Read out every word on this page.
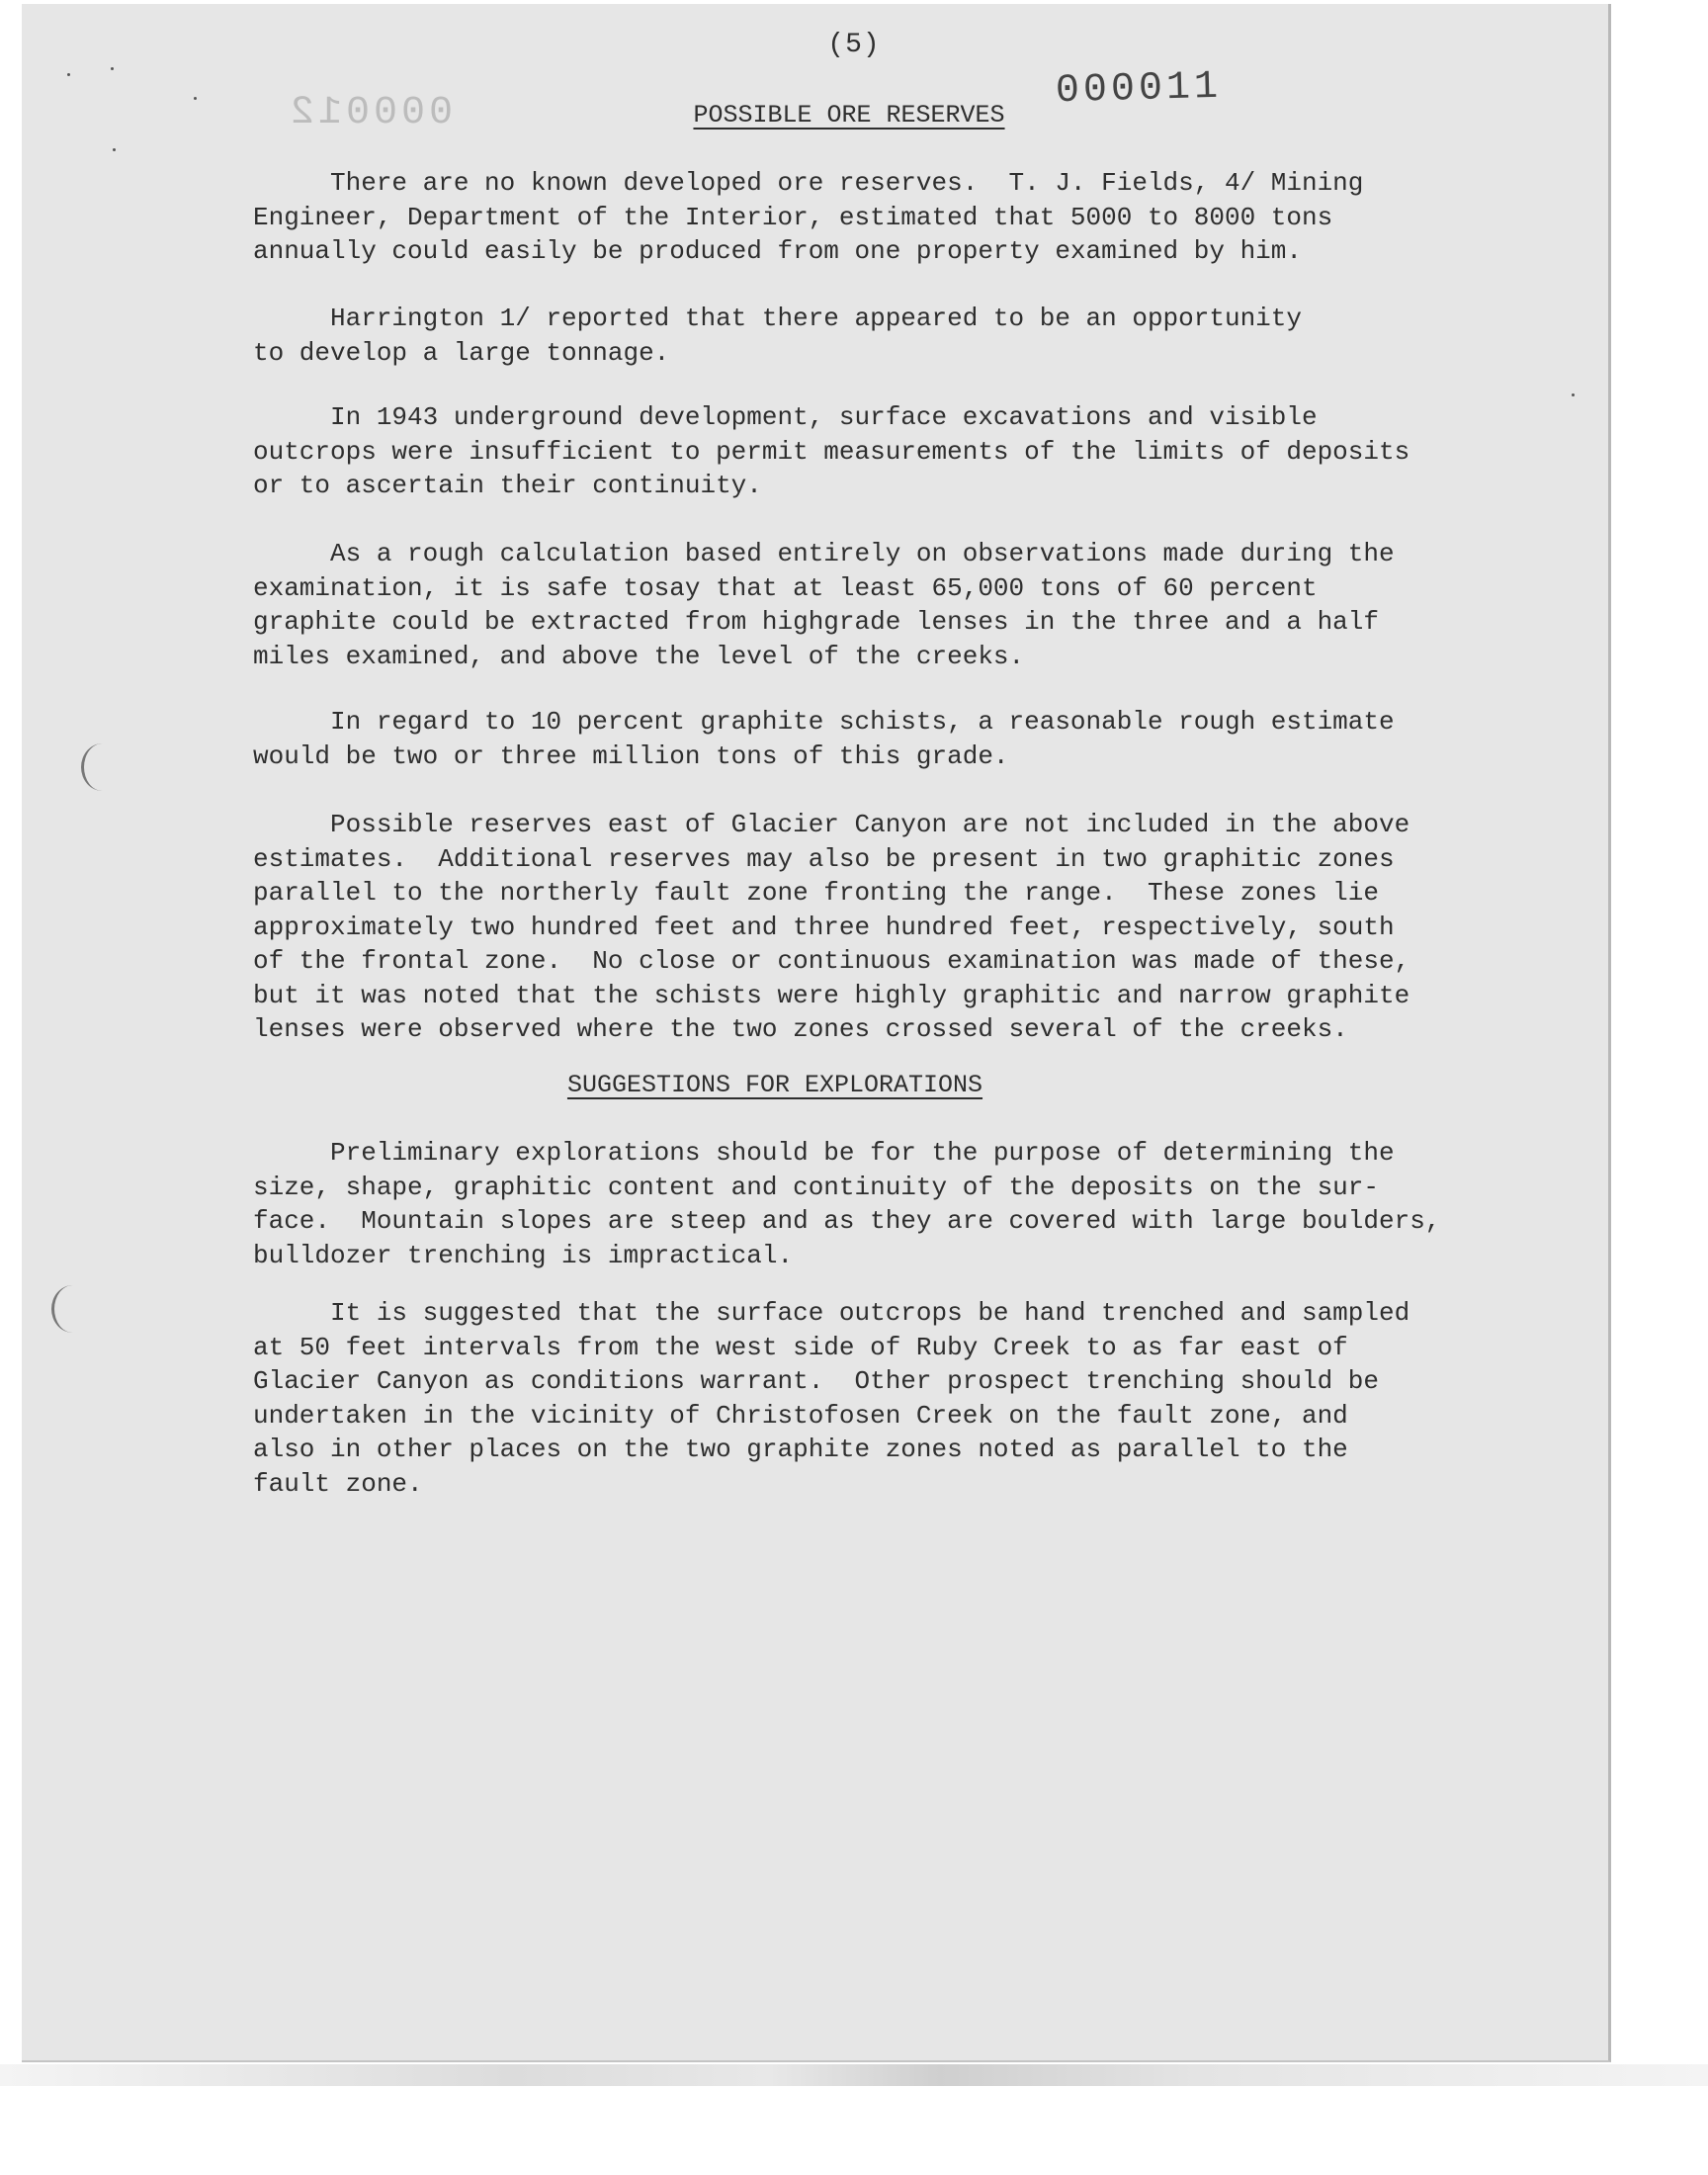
(5)
000012	000011
POSSIBLE ORE RESERVES
There are no known developed ore reserves.  T. J. Fields, 4/ Mining
Engineer, Department of the Interior, estimated that 5000 to 8000 tons
annually could easily be produced from one property examined by him.
Harrington 1/ reported that there appeared to be an opportunity
to develop a large tonnage.
In 1943 underground development, surface excavations and visible
outcrops were insufficient to permit measurements of the limits of deposits
or to ascertain their continuity.
As a rough calculation based entirely on observations made during the
examination, it is safe tosay that at least 65,000 tons of 60 percent
graphite could be extracted from highgrade lenses in the three and a half
miles examined, and above the level of the creeks.
In regard to 10 percent graphite schists, a reasonable rough estimate
would be two or three million tons of this grade.
Possible reserves east of Glacier Canyon are not included in the above
estimates.  Additional reserves may also be present in two graphitic zones
parallel to the northerly fault zone fronting the range.  These zones lie
approximately two hundred feet and three hundred feet, respectively, south
of the frontal zone.  No close or continuous examination was made of these,
but it was noted that the schists were highly graphitic and narrow graphite
lenses were observed where the two zones crossed several of the creeks.
SUGGESTIONS FOR EXPLORATIONS
Preliminary explorations should be for the purpose of determining the
size, shape, graphitic content and continuity of the deposits on the sur-
face.  Mountain slopes are steep and as they are covered with large boulders,
bulldozer trenching is impractical.
It is suggested that the surface outcrops be hand trenched and sampled
at 50 feet intervals from the west side of Ruby Creek to as far east of
Glacier Canyon as conditions warrant.  Other prospect trenching should be
undertaken in the vicinity of Christofosen Creek on the fault zone, and
also in other places on the two graphite zones noted as parallel to the
fault zone.
